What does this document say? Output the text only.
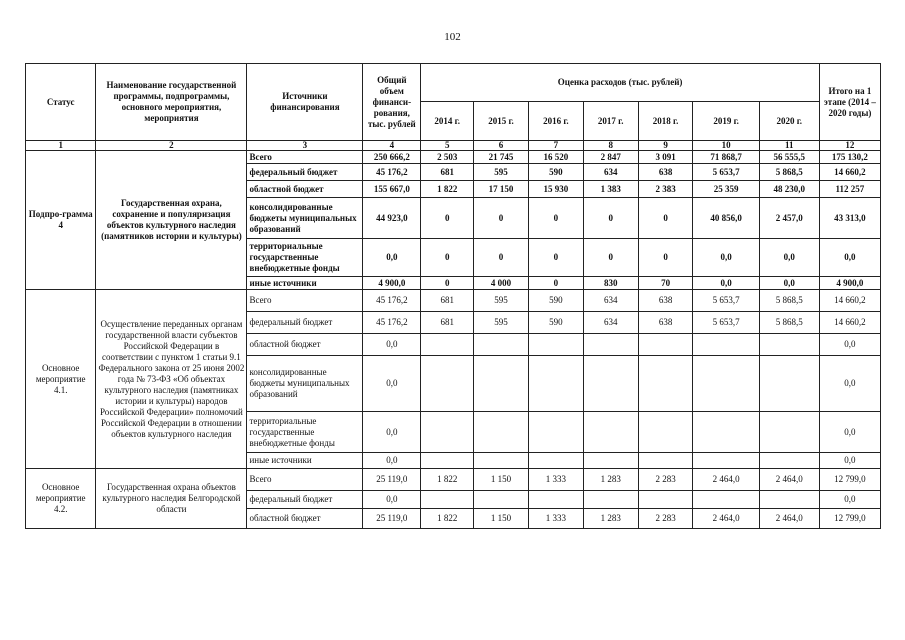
102
Статус	Наименование государственной программы, подпрограммы, основного мероприятия, мероприятия	Источники финансирования	Общий объем финанси-рования, тыс. рублей	Оценка расходов (тыс. рублей)							Итого на 1 этапе (2014 – 2020 годы)
				2014 г.	2015 г.	2016 г.	2017 г.	2018 г.	2019 г.	2020 г.	
1	2	3	4	5	6	7	8	9	10	11	12
Подпро-грамма 4	Государственная охрана, сохранение и популяризация объектов культурного наследия (памятников истории и культуры)	Всего	250 666,2	2 503	21 745	16 520	2 847	3 091	71 868,7	56 555,5	175 130,2
		федеральный бюджет	45 176,2	681	595	590	634	638	5 653,7	5 868,5	14 660,2
		областной бюджет	155 667,0	1 822	17 150	15 930	1 383	2 383	25 359	48 230,0	112 257
		консолидированные бюджеты муниципальных образований	44 923,0	0	0	0	0	0	40 856,0	2 457,0	43 313,0
		территориальные государственные внебюджетные фонды	0,0	0	0	0	0	0	0,0	0,0	0,0
		иные источники	4 900,0	0	4 000	0	830	70	0,0	0,0	4 900,0
Основное мероприятие 4.1.	Осуществление переданных органам государственной власти субъектов Российской Федерации в соответствии с пунктом 1 статьи 9.1 Федерального закона от 25 июня 2002 года № 73-ФЗ «Об объектах культурного наследия (памятниках истории и культуры) народов Российской Федерации» полномочий Российской Федерации в отношении объектов культурного наследия	Всего	45 176,2	681	595	590	634	638	5 653,7	5 868,5	14 660,2
		федеральный бюджет	45 176,2	681	595	590	634	638	5 653,7	5 868,5	14 660,2
		областной бюджет	0,0								0,0
		консолидированные бюджеты муниципальных образований	0,0								0,0
		территориальные государственные внебюджетные фонды	0,0								0,0
		иные источники	0,0								0,0
Основное мероприятие 4.2.	Государственная охрана объектов культурного наследия Белгородской области	Всего	25 119,0	1 822	1 150	1 333	1 283	2 283	2 464,0	2 464,0	12 799,0
		федеральный бюджет	0,0								0,0
		областной бюджет	25 119,0	1 822	1 150	1 333	1 283	2 283	2 464,0	2 464,0	12 799,0
